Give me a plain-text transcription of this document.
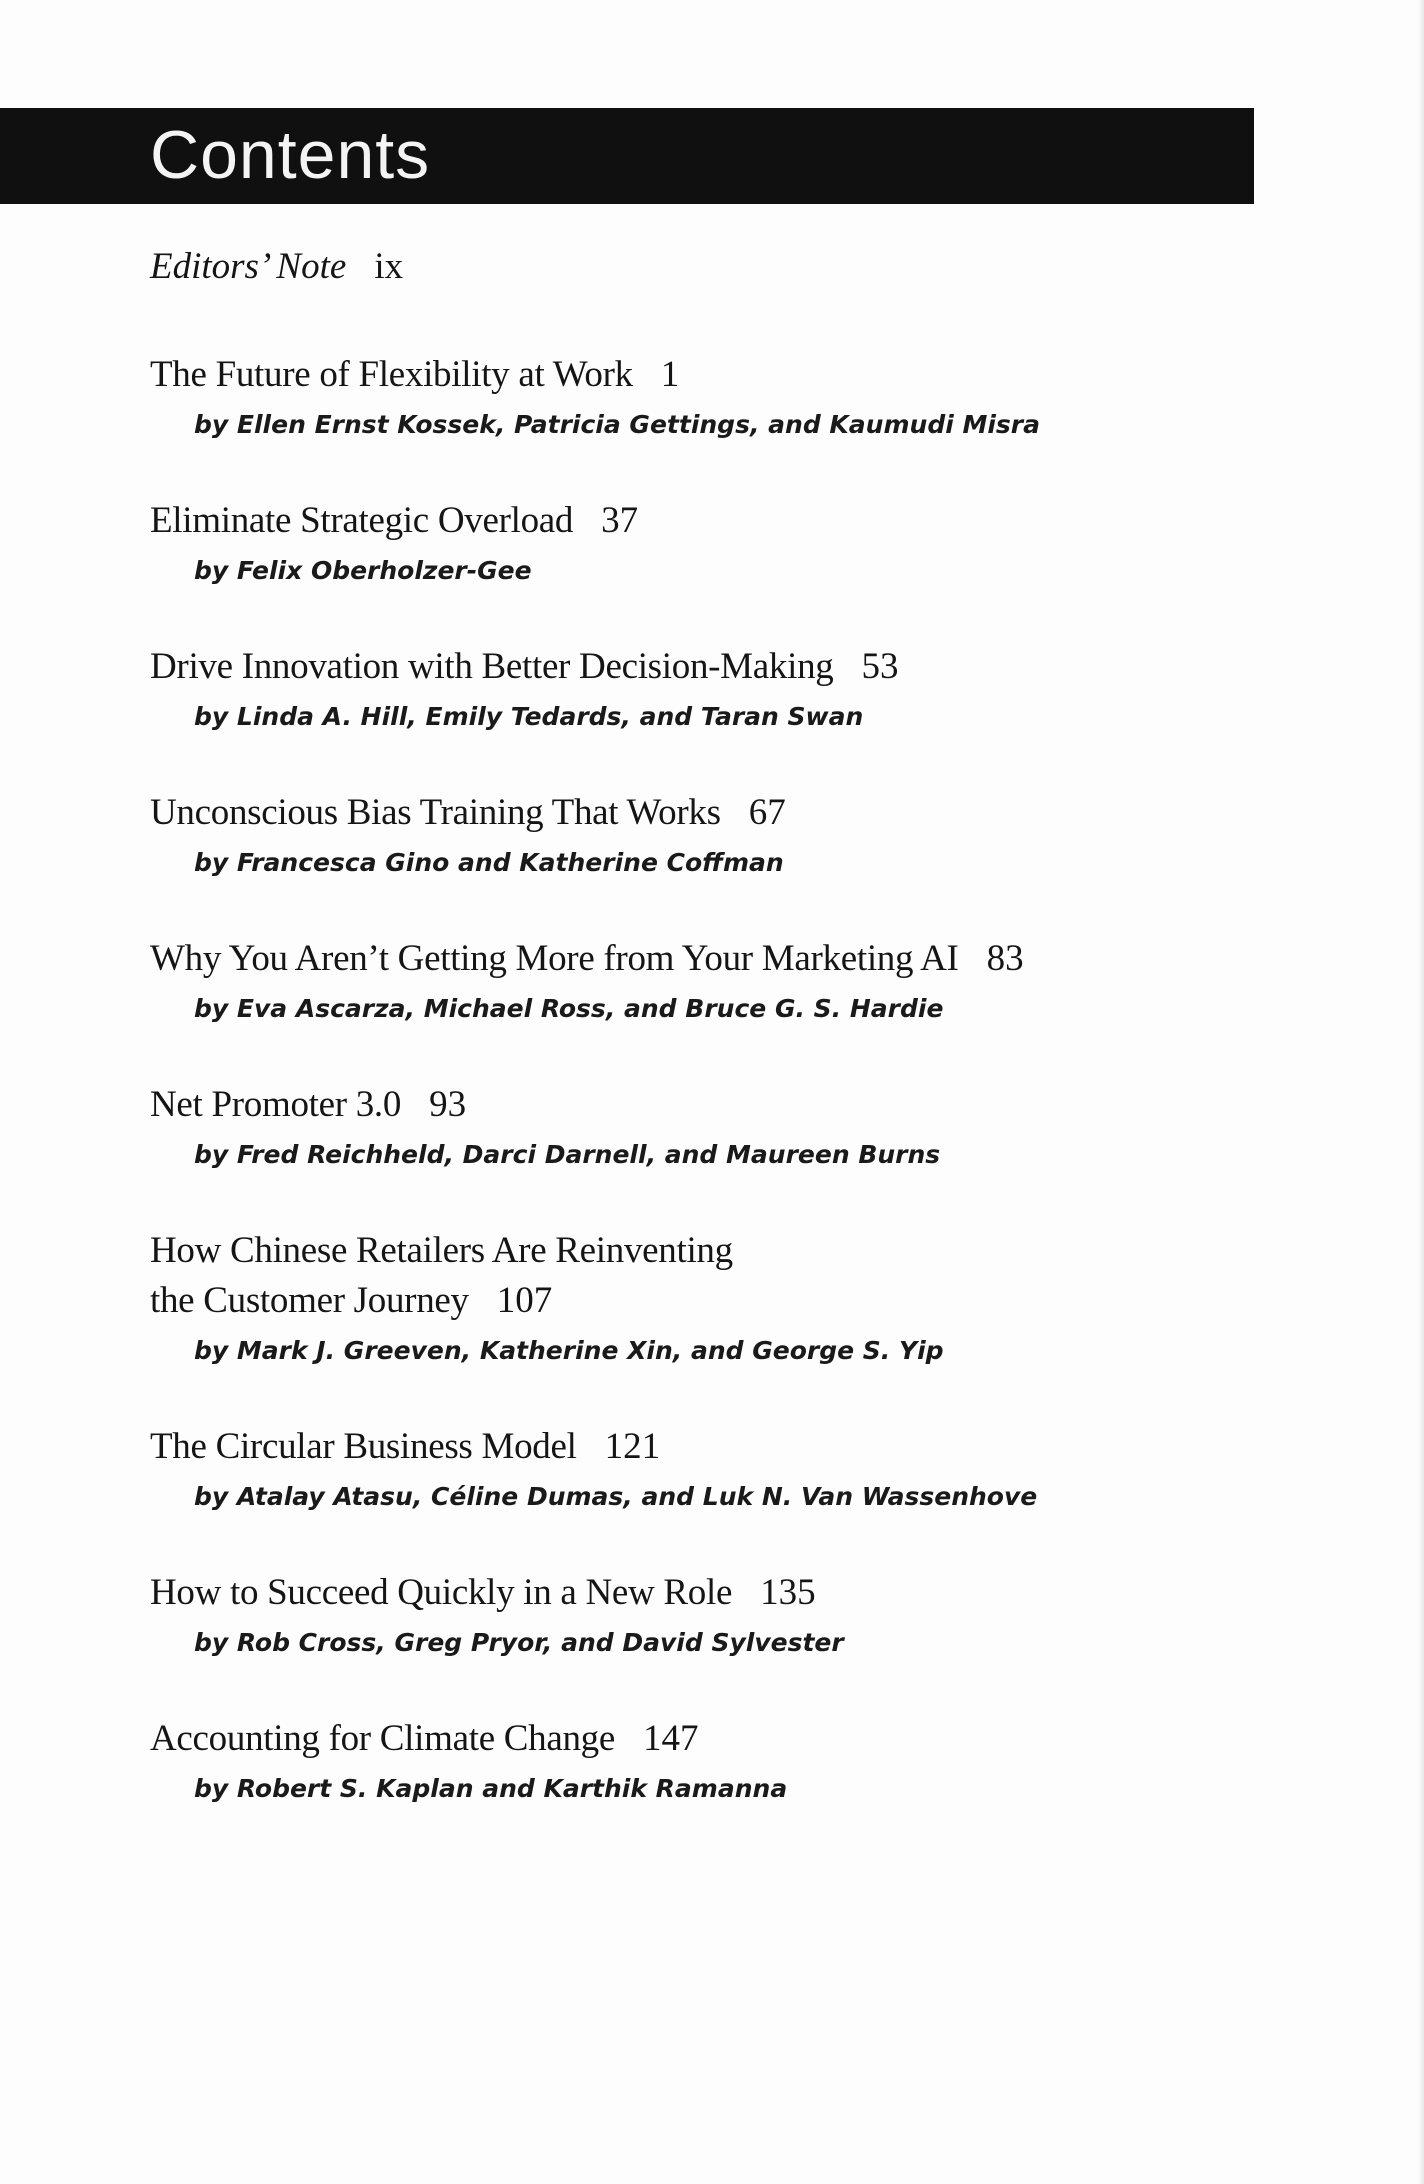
Contents
Editors’ Note ix
The Future of Flexibility at Work 1
by Ellen Ernst Kossek, Patricia Gettings, and Kaumudi Misra
Eliminate Strategic Overload 37
by Felix Oberholzer-Gee
Drive Innovation with Better Decision-Making 53
by Linda A. Hill, Emily Tedards, and Taran Swan
Unconscious Bias Training That Works 67
by Francesca Gino and Katherine Coffman
Why You Aren’t Getting More from Your Marketing AI 83
by Eva Ascarza, Michael Ross, and Bruce G. S. Hardie
Net Promoter 3.0 93
by Fred Reichheld, Darci Darnell, and Maureen Burns
How Chinese Retailers Are Reinventing
the Customer Journey 107
by Mark J. Greeven, Katherine Xin, and George S. Yip
The Circular Business Model 121
by Atalay Atasu, Céline Dumas, and Luk N. Van Wassenhove
How to Succeed Quickly in a New Role 135
by Rob Cross, Greg Pryor, and David Sylvester
Accounting for Climate Change 147
by Robert S. Kaplan and Karthik Ramanna
